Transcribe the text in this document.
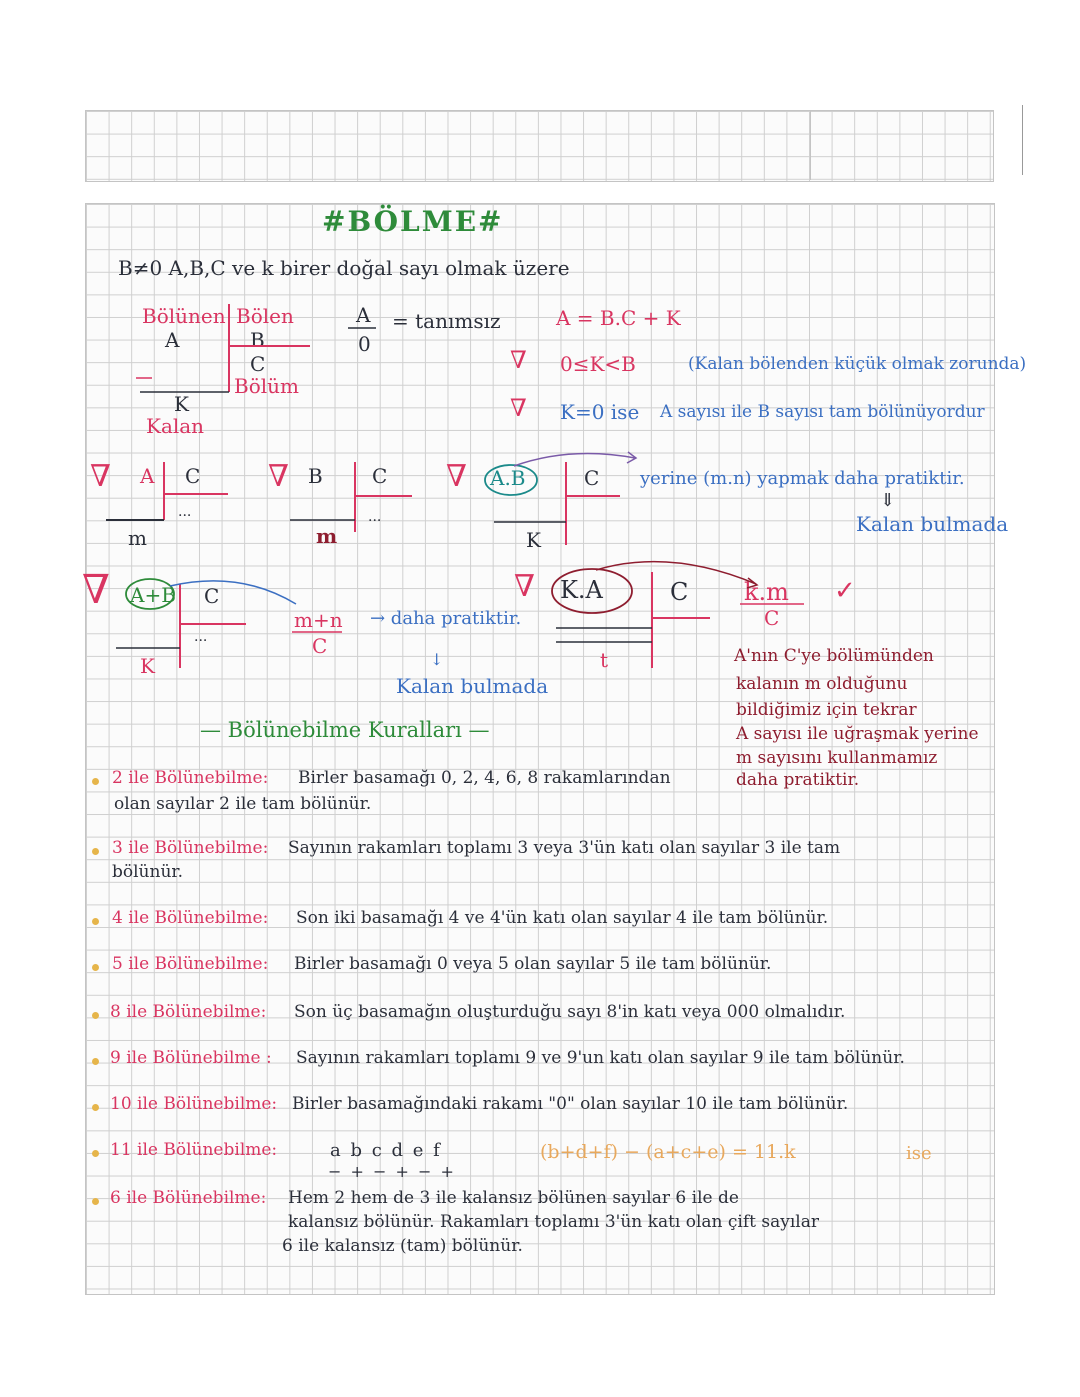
#BÖLME#
B≠0 A,B,C ve k birer doğal sayı olmak üzere
Bölünen
A
Bölen
B
C
Bölüm
K
Kalan
A
0
= tanımsız	A = B.C + K
∇ 0≤K<B	(Kalan bölenden küçük olmak zorunda)
∇ K=0 ise A sayısı ile B sayısı tam bölünüyordur
∇ A C
...
m
∇ B C
...
m
∇ A.B	C
K
yerine (m.n) yapmak daha pratiktir.
⇓
Kalan bulmada
∇ A+B C
...
K
m+n
C
→ daha pratiktir.
↓
Kalan bulmada
∇ K.A	C
t
k.m
C
✓
A'nın C'ye bölümünden
kalanın m olduğunu
bildiğimiz için tekrar
A sayısı ile uğraşmak yerine
m sayısını kullanmamız
daha pratiktir.
— Bölünebilme Kuralları —
2 ile Bölünebilme: Birler basamağı 0, 2, 4, 6, 8 rakamlarından
olan sayılar 2 ile tam bölünür.
3 ile Bölünebilme: Sayının rakamları toplamı 3 veya 3'ün katı olan sayılar 3 ile tam
bölünür.
4 ile Bölünebilme: Son iki basamağı 4 ve 4'ün katı olan sayılar 4 ile tam bölünür.
5 ile Bölünebilme: Birler basamağı 0 veya 5 olan sayılar 5 ile tam bölünür.
8 ile Bölünebilme: Son üç basamağın oluşturduğu sayı 8'in katı veya 000 olmalıdır.
9 ile Bölünebilme : Sayının rakamları toplamı 9 ve 9'un katı olan sayılar 9 ile tam bölünür.
10 ile Bölünebilme: Birler basamağındaki rakamı "0" olan sayılar 10 ile tam bölünür.
11 ile Bölünebilme:	a b c d e f
− + − + − +
(b+d+f) − (a+c+e) = 11.k	ise
6 ile Bölünebilme: Hem 2 hem de 3 ile kalansız bölünen sayılar 6 ile de
kalansız bölünür. Rakamları toplamı 3'ün katı olan çift sayılar
6 ile kalansız (tam) bölünür.
